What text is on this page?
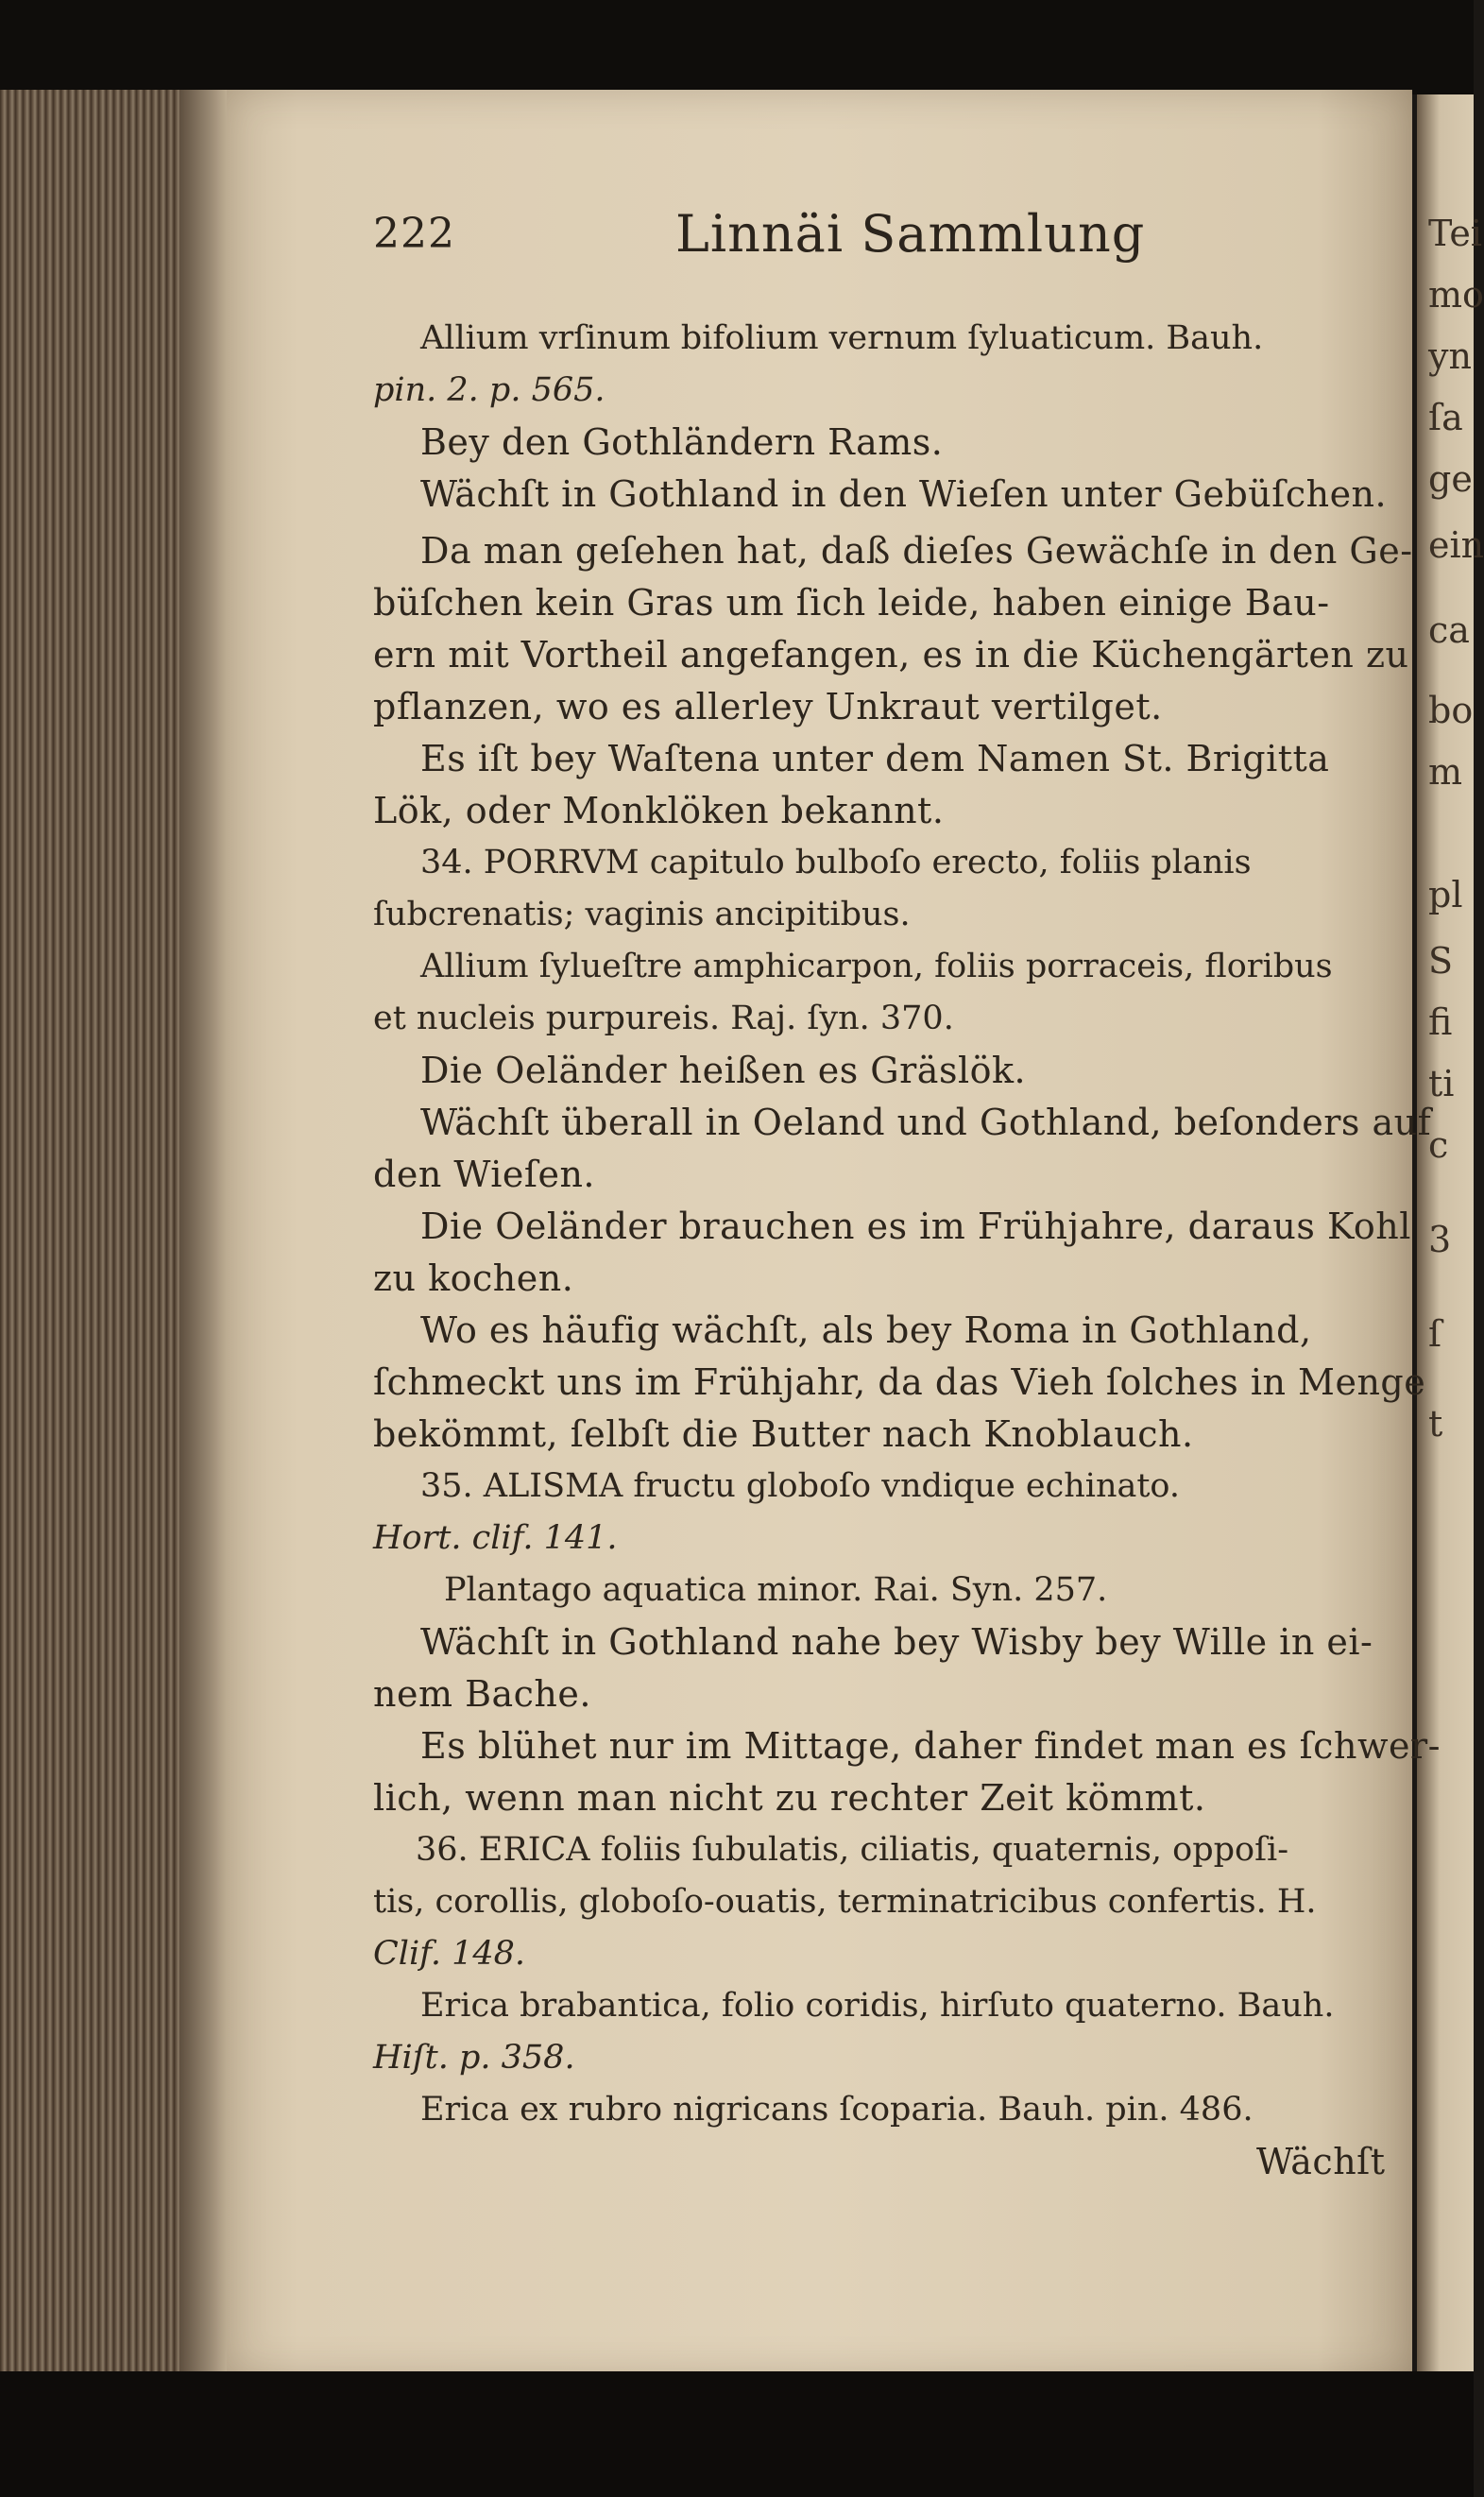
Tei
mo
yn
ſa
ge
ein
ca
bo
m
pl
S
fi
ti
c
3
ſ
t
222	Linnäi Sammlung
Allium vrſinum bifolium vernum ſyluaticum. Bauh.
pin. 2. p. 565.
Bey den Gothländern Rams.
Wächſt in Gothland in den Wieſen unter Gebüſchen.
Da man geſehen hat, daß dieſes Gewächſe in den Ge-
büſchen kein Gras um ſich leide, haben einige Bau-
ern mit Vortheil angefangen, es in die Küchengärten zu
pflanzen, wo es allerley Unkraut vertilget.
Es iſt bey Waſtena unter dem Namen St. Brigitta
Lök, oder Monklöken bekannt.
34. PORRVM capitulo bulboſo erecto, foliis planis
ſubcrenatis; vaginis ancipitibus.
Allium ſylueſtre amphicarpon, foliis porraceis, floribus
et nucleis purpureis. Raj. ſyn. 370.
Die Oeländer heißen es Gräslök.
Wächſt überall in Oeland und Gothland, beſonders auf
den Wieſen.
Die Oeländer brauchen es im Frühjahre, daraus Kohl
zu kochen.
Wo es häufig wächſt, als bey Roma in Gothland,
ſchmeckt uns im Frühjahr, da das Vieh ſolches in Menge
bekömmt, ſelbſt die Butter nach Knoblauch.
35. ALISMA fructu globoſo vndique echinato.
Hort. clif. 141.
Plantago aquatica minor. Rai. Syn. 257.
Wächſt in Gothland nahe bey Wisby bey Wille in ei-
nem Bache.
Es blühet nur im Mittage, daher findet man es ſchwer-
lich, wenn man nicht zu rechter Zeit kömmt.
36. ERICA foliis ſubulatis, ciliatis, quaternis, oppoſi-
tis, corollis, globoſo-ouatis, terminatricibus confertis. H.
Clif. 148.
Erica brabantica, folio coridis, hirſuto quaterno. Bauh.
Hiſt. p. 358.
Erica ex rubro nigricans ſcoparia. Bauh. pin. 486.
Wächſt
